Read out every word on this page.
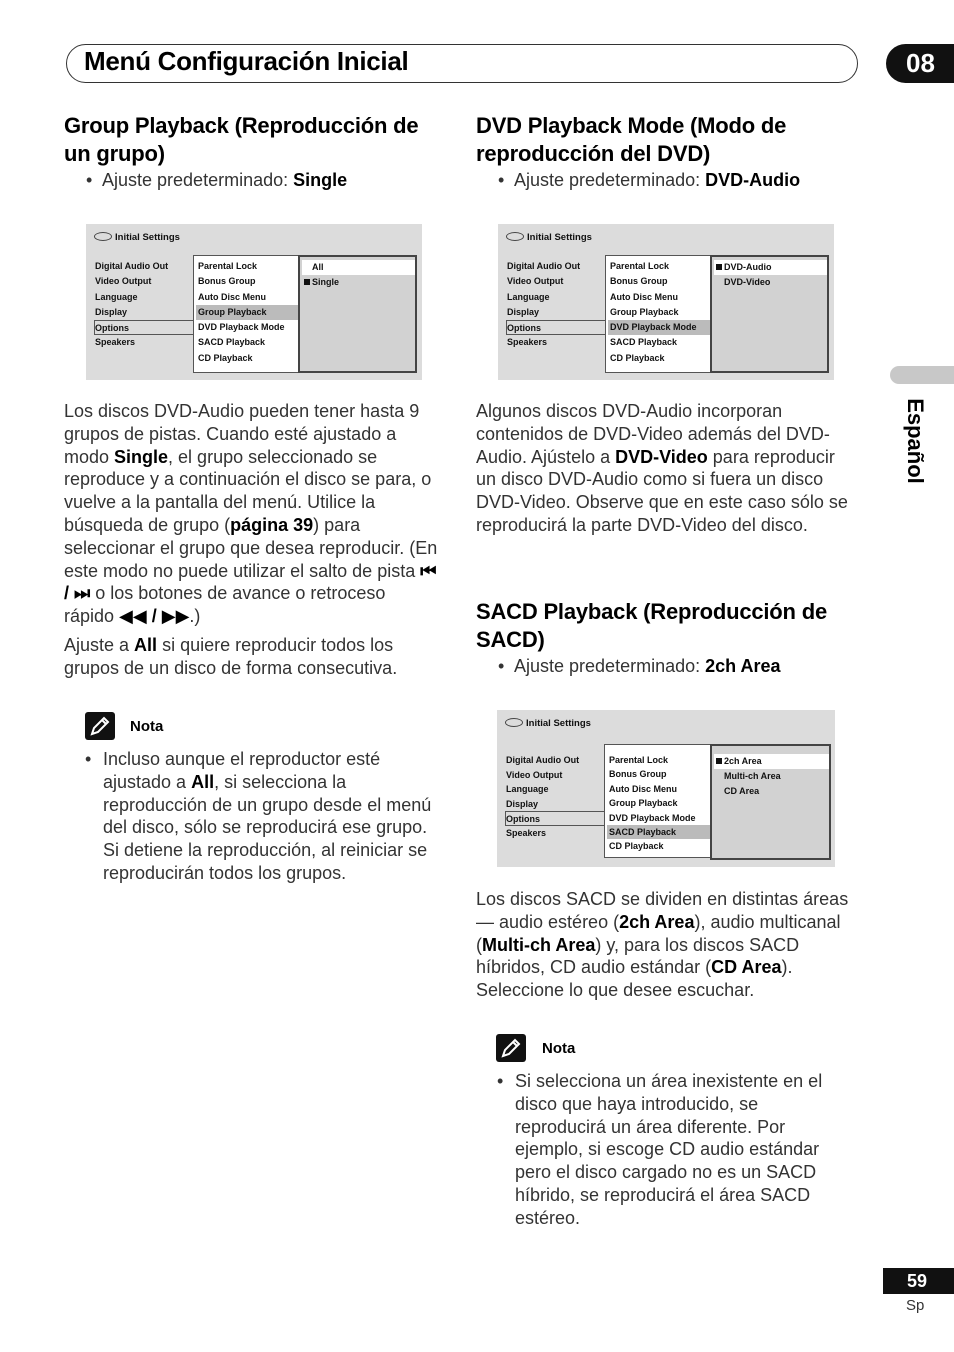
Menú Configuración Inicial	08
Español
Group Playback (Reproducción de
un grupo)
• Ajuste predeterminado: Single
Initial Settings
Digital Audio Out
Video Output
Language
Display
Options
Speakers
Parental Lock
Bonus Group
Auto Disc Menu
Group Playback
DVD Playback Mode
SACD Playback
CD Playback
All
Single
Los discos DVD-Audio pueden tener hasta 9 grupos de pistas. Cuando esté ajustado a modo Single, el grupo seleccionado se reproduce y a continuación el disco se para, o vuelve a la pantalla del menú. Utilice la búsqueda de grupo (página 39) para seleccionar el grupo que desea reproducir. (En este modo no puede utilizar el salto de pista ⏮ / ⏭ o los botones de avance o retroceso rápido ◀◀ / ▶▶.)
Ajuste a All si quiere reproducir todos los grupos de un disco de forma consecutiva.
Nota
• Incluso aunque el reproductor esté ajustado a All, si selecciona la reproducción de un grupo desde el menú del disco, sólo se reproducirá ese grupo. Si detiene la reproducción, al reiniciar se reproducirán todos los grupos.
DVD Playback Mode (Modo de
reproducción del DVD)
• Ajuste predeterminado: DVD-Audio
Initial Settings
Digital Audio Out
Video Output
Language
Display
Options
Speakers
Parental Lock
Bonus Group
Auto Disc Menu
Group Playback
DVD Playback Mode
SACD Playback
CD Playback
DVD-Audio
DVD-Video
Algunos discos DVD-Audio incorporan contenidos de DVD-Video además del DVD-Audio. Ajústelo a DVD-Video para reproducir un disco DVD-Audio como si fuera un disco DVD-Video. Observe que en este caso sólo se reproducirá la parte DVD-Video del disco.
SACD Playback (Reproducción de
SACD)
• Ajuste predeterminado: 2ch Area
Initial Settings
Digital Audio Out
Video Output
Language
Display
Options
Speakers
Parental Lock
Bonus Group
Auto Disc Menu
Group Playback
DVD Playback Mode
SACD Playback
CD Playback
2ch Area
Multi-ch Area
CD Area
Los discos SACD se dividen en distintas áreas — audio estéreo (2ch Area), audio multicanal (Multi-ch Area) y, para los discos SACD híbridos, CD audio estándar (CD Area). Seleccione lo que desee escuchar.
Nota
• Si selecciona un área inexistente en el disco que haya introducido, se reproducirá un área diferente. Por ejemplo, si escoge CD audio estándar pero el disco cargado no es un SACD híbrido, se reproducirá el área SACD estéreo.
59
Sp
